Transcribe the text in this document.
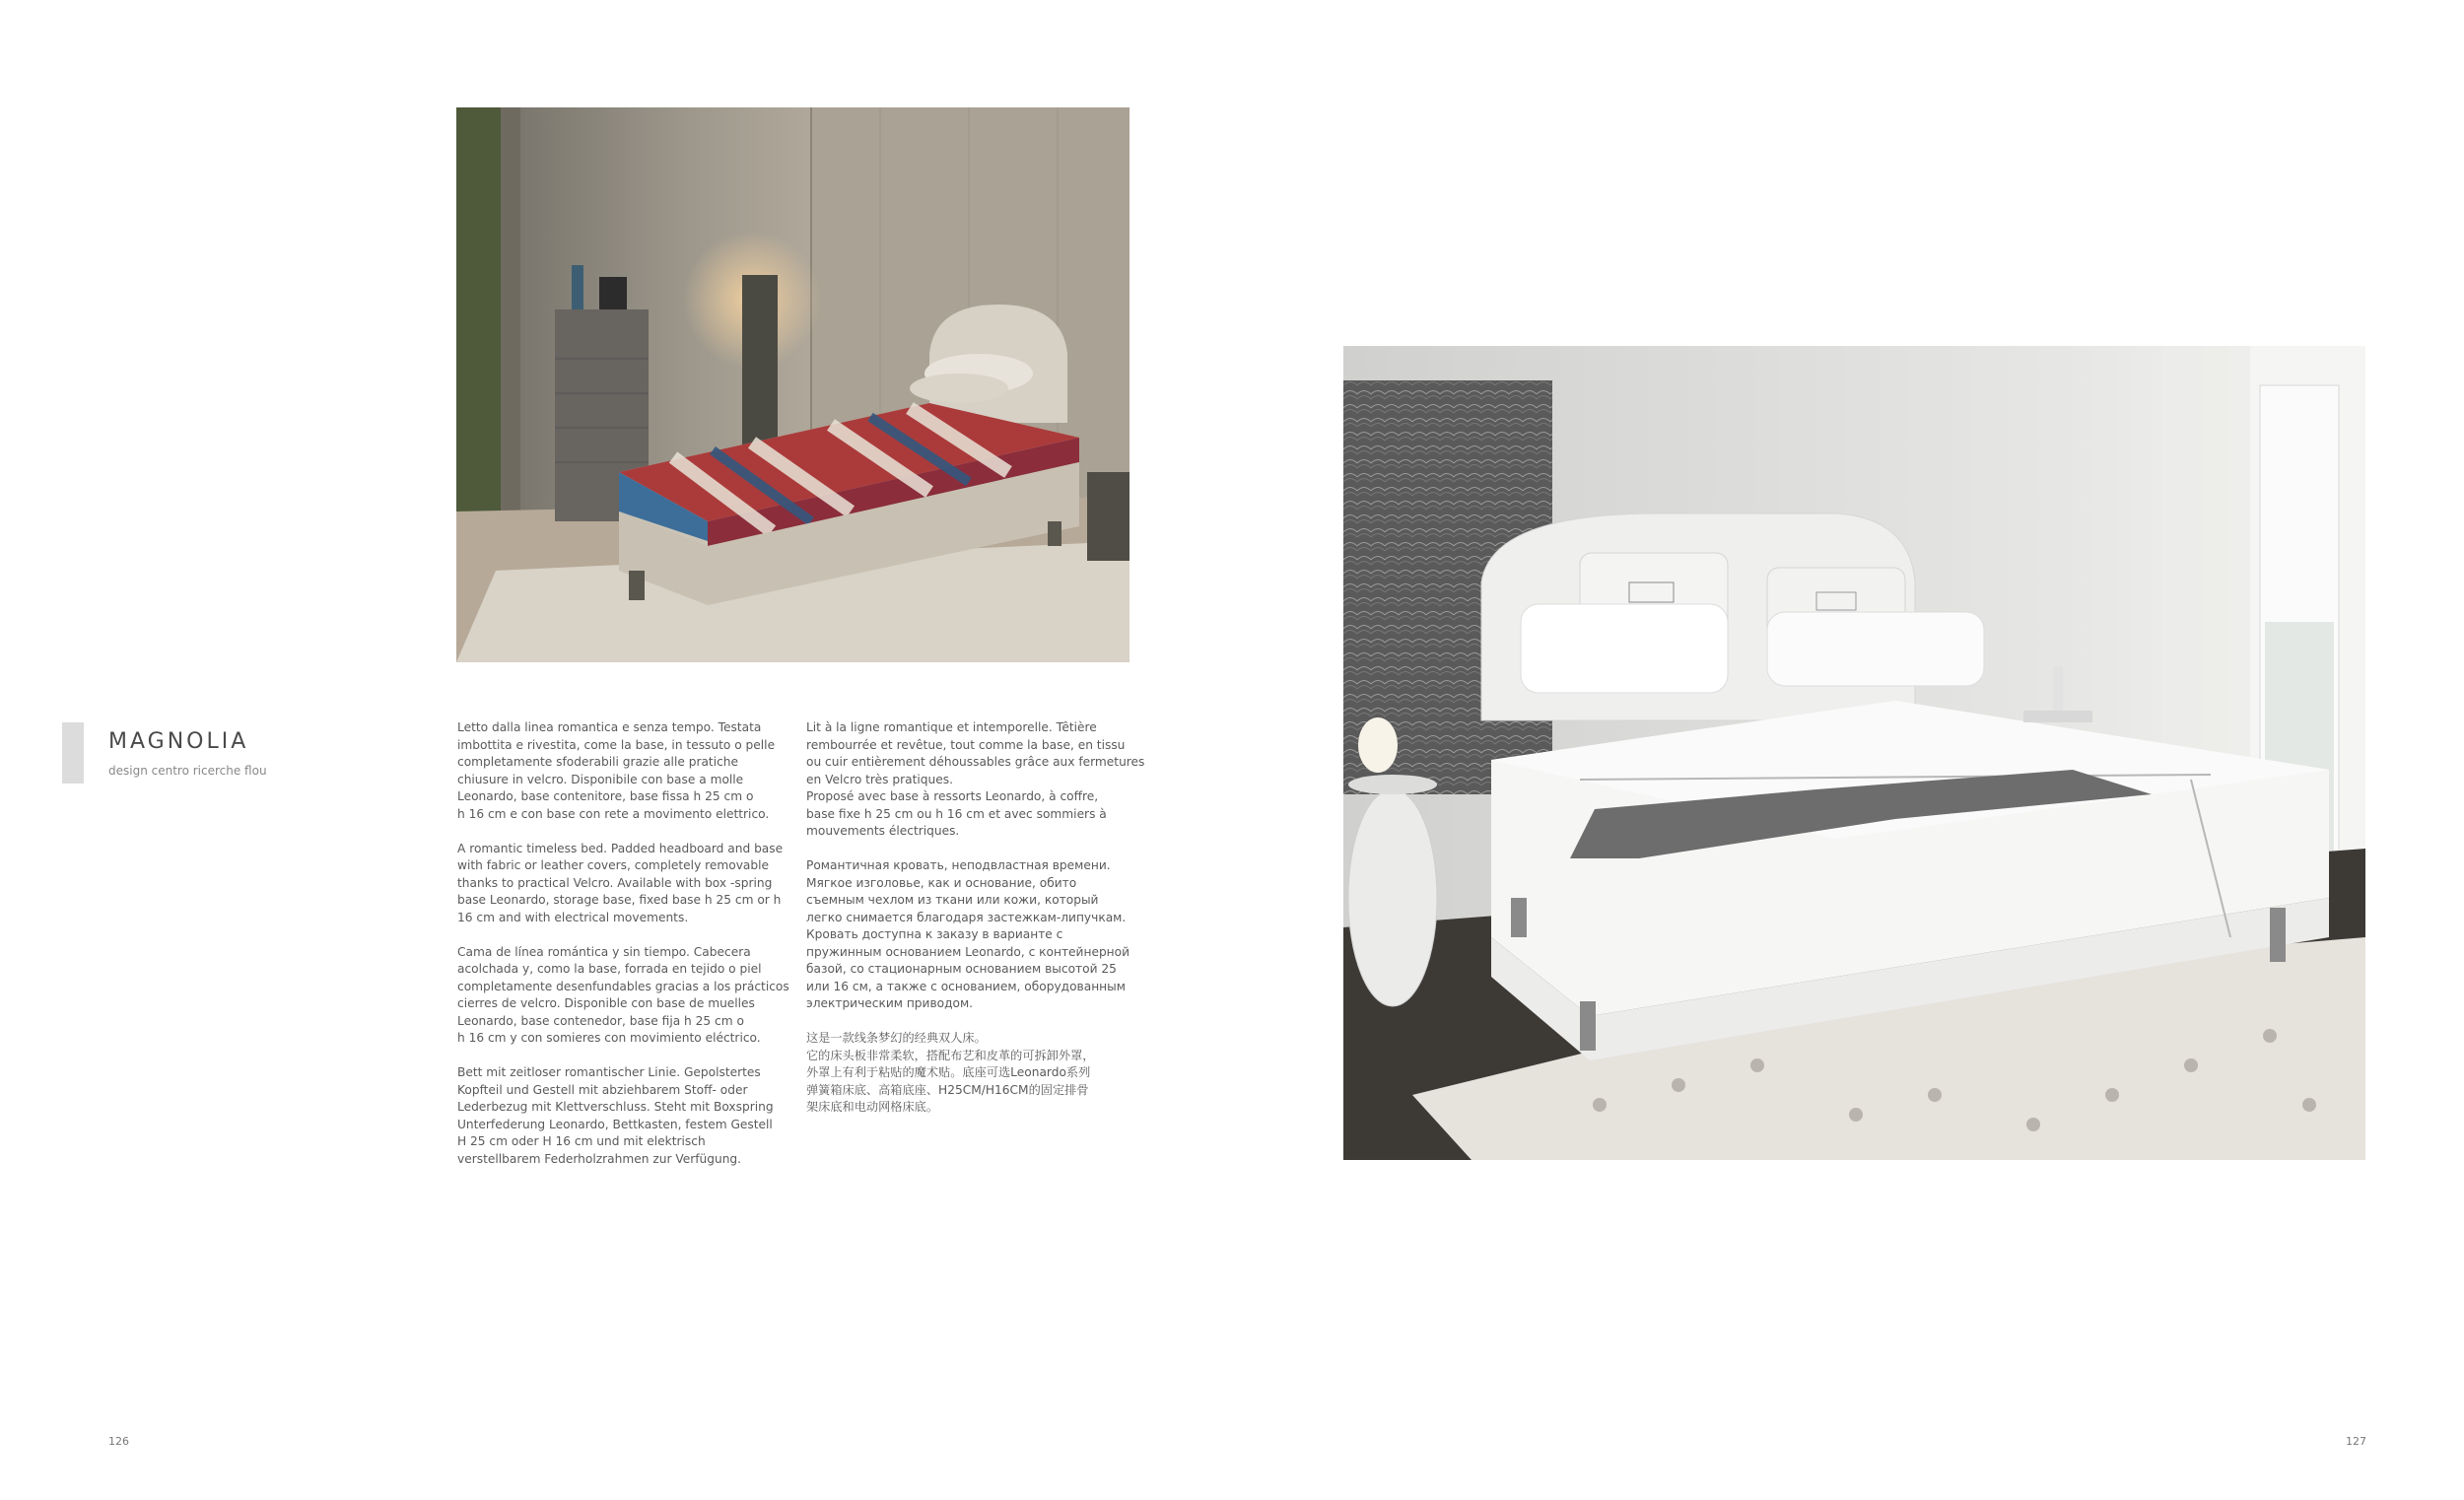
MAGNOLIA
design centro ricerche flou

Letto dalla linea romantica e senza tempo. Testata
imbottita e rivestita, come la base, in tessuto o pelle
completamente sfoderabili grazie alle pratiche
chiusure in velcro. Disponibile con base a molle
Leonardo, base contenitore, base fissa h 25 cm o
h 16 cm e con base con rete a movimento elettrico.

A romantic timeless bed. Padded headboard and base
with fabric or leather covers, completely removable
thanks to practical Velcro. Available with box -spring
base Leonardo, storage base, fixed base h 25 cm or h
16 cm and with electrical movements.

Cama de línea romántica y sin tiempo. Cabecera
acolchada y, como la base, forrada en tejido o piel
completamente desenfundables gracias a los prácticos
cierres de velcro. Disponible con base de muelles
Leonardo, base contenedor, base fija h 25 cm o
h 16 cm y con somieres con movimiento eléctrico.

Bett mit zeitloser romantischer Linie. Gepolstertes
Kopfteil und Gestell mit abziehbarem Stoff- oder
Lederbezug mit Klettverschluss. Steht mit Boxspring
Unterfederung Leonardo, Bettkasten, festem Gestell
H 25 cm oder H 16 cm und mit elektrisch
verstellbarem Federholzrahmen zur Verfügung.

Lit à la ligne romantique et intemporelle. Têtière
rembourrée et revêtue, tout comme la base, en tissu
ou cuir entièrement déhoussables grâce aux fermetures
en Velcro très pratiques.
Proposé avec base à ressorts Leonardo, à coffre,
base fixe h 25 cm ou h 16 cm et avec sommiers à
mouvements électriques.

Романтичная кровать, неподвластная времени.
Мягкое изголовье, как и основание, обито
съемным чехлом из ткани или кожи, который
легко снимается благодаря застежкам-липучкам.
Кровать доступна к заказу в варианте с
пружинным основанием Leonardo, с контейнерной
базой, со стационарным основанием высотой 25
или 16 см, а также с основанием, оборудованным
электрическим приводом.

这是一款线条梦幻的经典双人床。
它的床头板非常柔软，搭配布艺和皮革的可拆卸外罩，
外罩上有利于粘贴的魔术贴。底座可选Leonardo系列
弹簧箱床底、高箱底座、H25CM/H16CM的固定排骨
架床底和电动网格床底。

126	127
